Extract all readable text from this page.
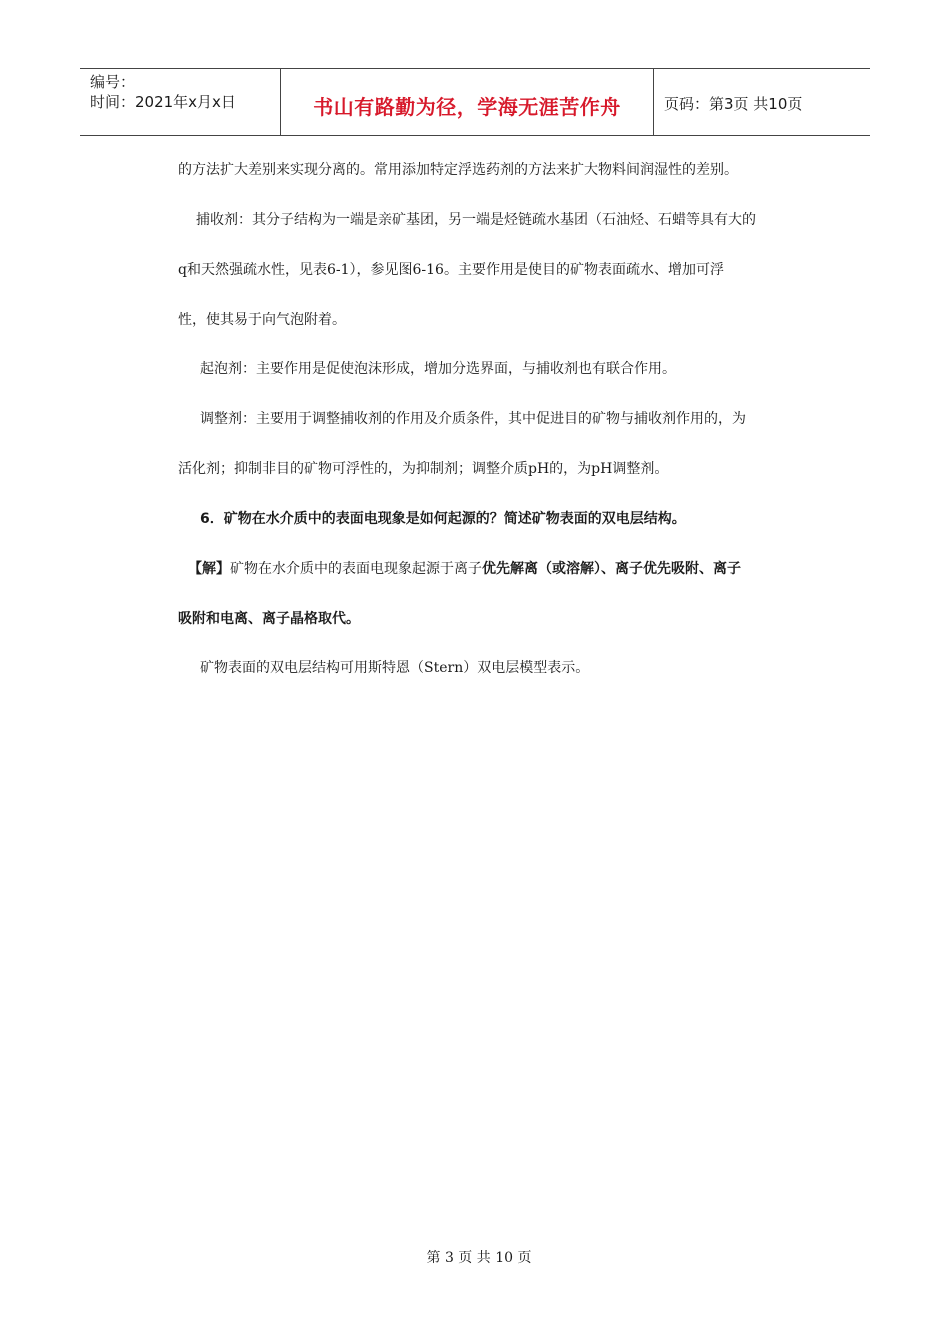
编号：
时间：2021年x月x日	书山有路勤为径，学海无涯苦作舟	页码：第3页 共10页
的方法扩大差别来实现分离的。常用添加特定浮选药剂的方法来扩大物料间润湿性的差别。
捕收剂：其分子结构为一端是亲矿基团，另一端是烃链疏水基团（石油烃、石蜡等具有大的
q和天然强疏水性，见表6-1），参见图6-16。主要作用是使目的矿物表面疏水、增加可浮
性，使其易于向气泡附着。
起泡剂：主要作用是促使泡沫形成，增加分选界面，与捕收剂也有联合作用。
调整剂：主要用于调整捕收剂的作用及介质条件，其中促进目的矿物与捕收剂作用的，为
活化剂；抑制非目的矿物可浮性的，为抑制剂；调整介质pH的，为pH调整剂。
6．矿物在水介质中的表面电现象是如何起源的？简述矿物表面的双电层结构。
【解】矿物在水介质中的表面电现象起源于离子优先解离（或溶解）、离子优先吸附、离子
吸附和电离、离子晶格取代。
矿物表面的双电层结构可用斯特恩（Stern）双电层模型表示。
第 3 页 共 10 页
